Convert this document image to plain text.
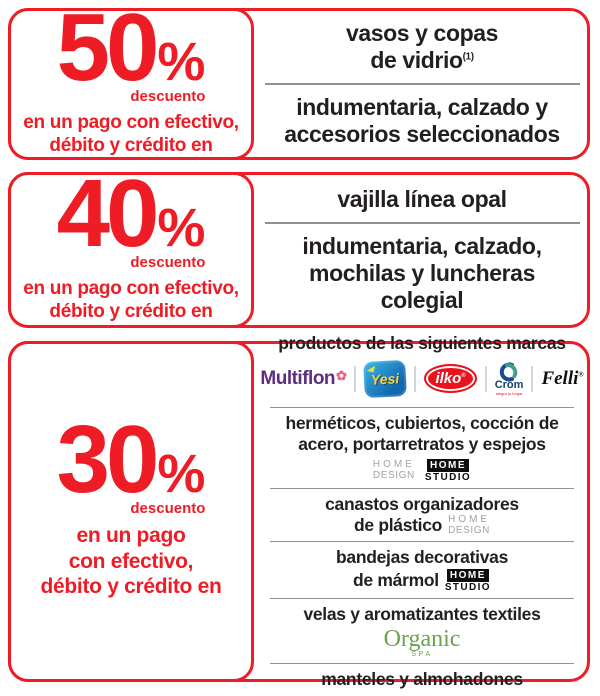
50 %
descuento
en un pago con efectivo,
débito y crédito en
vasos y copas
de vidrio$^{(1)}$
indumentaria, calzado y
accesorios seleccionados
40 %
descuento
en un pago con efectivo,
débito y crédito en
vajilla línea opal
indumentaria, calzado,
mochilas y luncheras
colegial
30 %
descuento
en un pago
con efectivo,
débito y crédito en
productos de las siguientes marcas
Multiflon✿ Yesi	ilko®
Crom
alegra tu hogar
Felli®
herméticos, cubiertos, cocción de
acero, portarretratos y espejos
HOME
DESIGN
HOME
STUDIO
canastos organizadores
de plástico HOME
DESIGN
bandejas decorativas
de mármol	HOME
STUDIO
velas y aromatizantes textiles
Organic
SPA
manteles y almohadones
